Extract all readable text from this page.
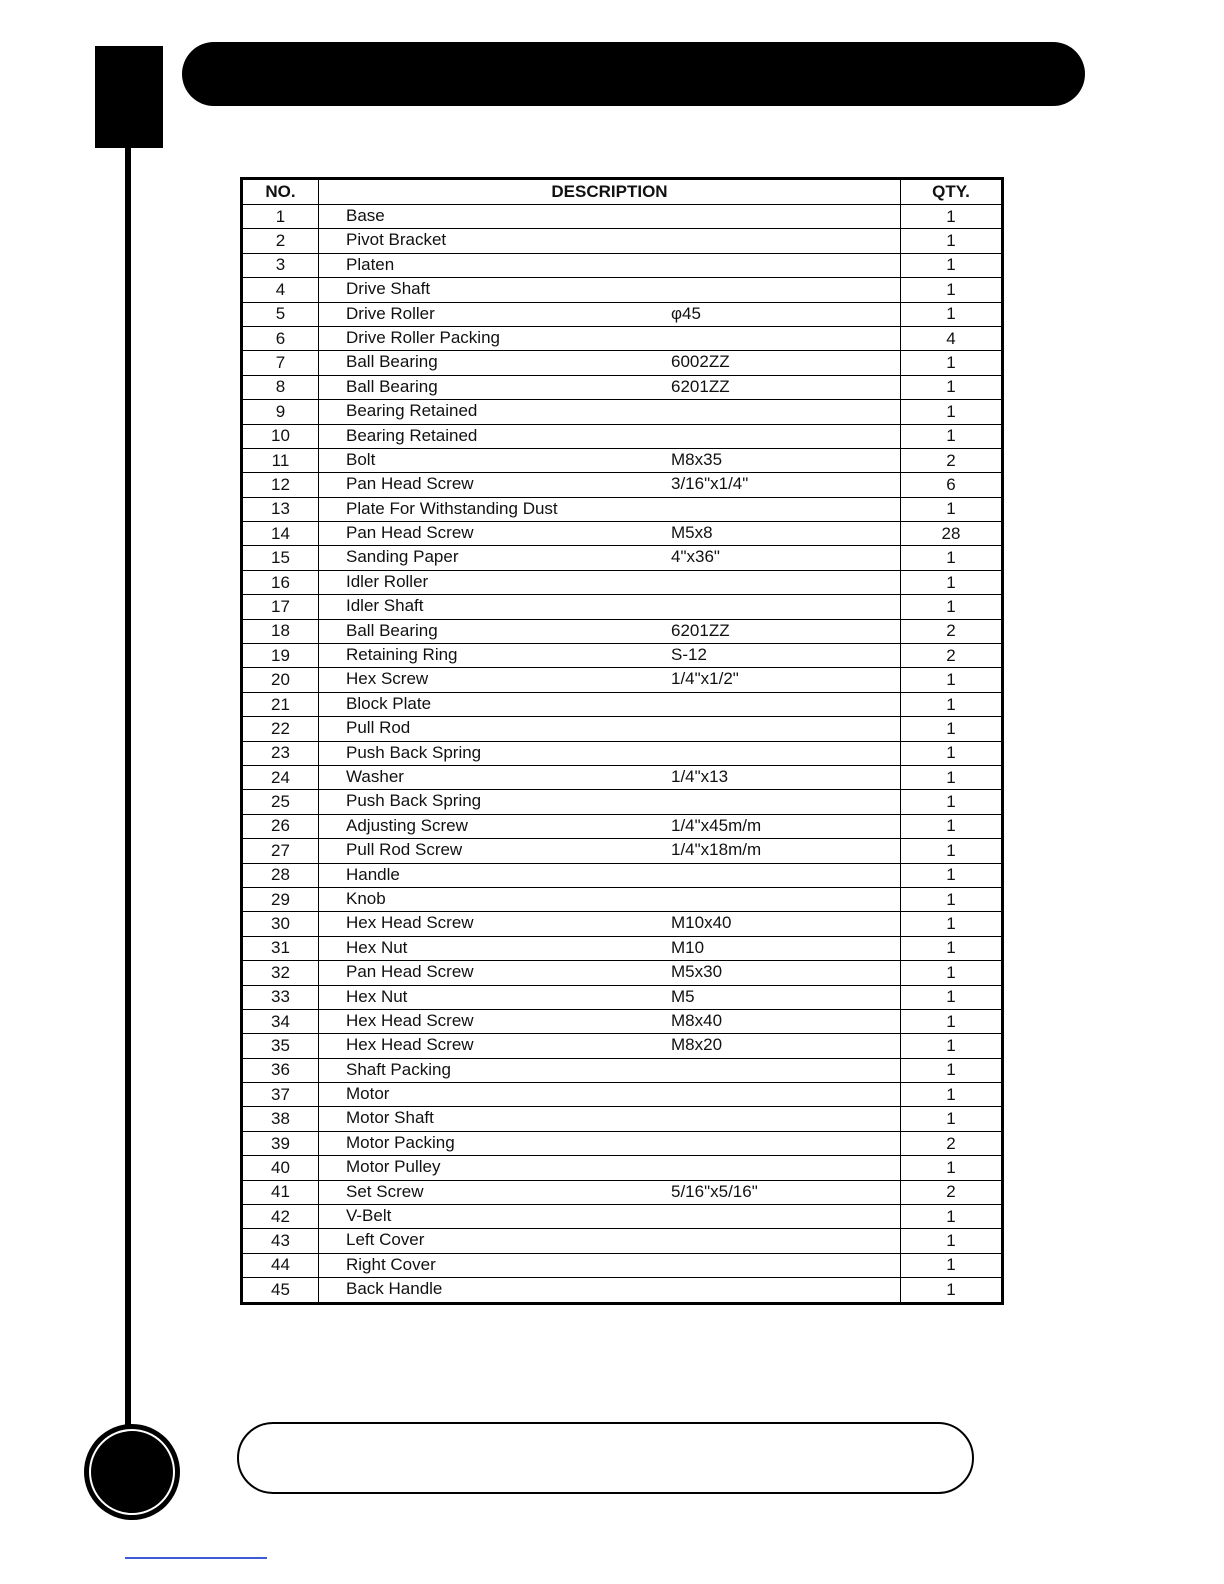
NO.	DESCRIPTION	QTY.
1	Base	1
2	Pivot Bracket	1
3	Platen	1
4	Drive Shaft	1
5	Drive Roller φ45	1
6	Drive Roller Packing	4
7	Ball Bearing 6002ZZ	1
8	Ball Bearing 6201ZZ	1
9	Bearing Retained	1
10	Bearing Retained	1
11	Bolt M8x35	2
12	Pan Head Screw 3/16"x1/4"	6
13	Plate For Withstanding Dust	1
14	Pan Head Screw M5x8	28
15	Sanding Paper 4"x36"	1
16	Idler Roller	1
17	Idler Shaft	1
18	Ball Bearing 6201ZZ	2
19	Retaining Ring S-12	2
20	Hex Screw 1/4"x1/2"	1
21	Block Plate	1
22	Pull Rod	1
23	Push Back Spring	1
24	Washer 1/4"x13	1
25	Push Back Spring	1
26	Adjusting Screw 1/4"x45m/m	1
27	Pull Rod Screw 1/4"x18m/m	1
28	Handle	1
29	Knob	1
30	Hex Head Screw M10x40	1
31	Hex Nut M10	1
32	Pan Head Screw M5x30	1
33	Hex Nut M5	1
34	Hex Head Screw M8x40	1
35	Hex Head Screw M8x20	1
36	Shaft Packing	1
37	Motor	1
38	Motor Shaft	1
39	Motor Packing	2
40	Motor Pulley	1
41	Set Screw 5/16"x5/16"	2
42	V-Belt	1
43	Left Cover	1
44	Right Cover	1
45	Back Handle	1
